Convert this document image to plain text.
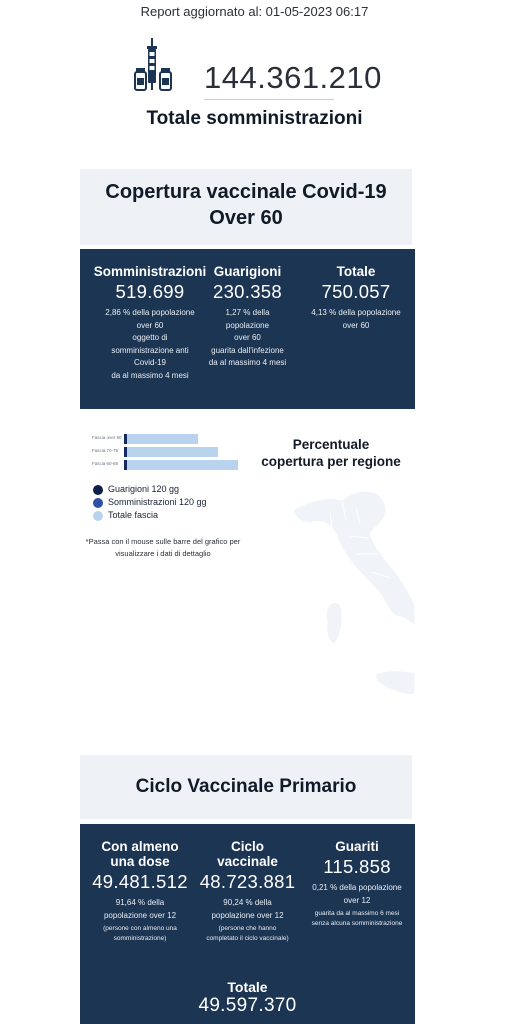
Report aggiornato al: 01-05-2023 06:17
144.361.210
Totale somministrazioni
Copertura vaccinale Covid-19
Over 60
Somministrazioni
519.699
2,86 % della popolazione
over 60
oggetto di
somministrazione anti
Covid-19
da al massimo 4 mesi
Guarigioni
230.358
1,27 % della popolazione
over 60
guarita dall'infezione
da al massimo 4 mesi
Totale
750.057
4,13 % della popolazione
over 60
Fascia over 80
Fascia 70-79
Fascia 60-69
Guarigioni 120 gg
Somministrazioni 120 gg
Totale fascia
*Passa con il mouse sulle barre del grafico per
visualizzare i dati di dettaglio
Percentuale
copertura per regione
Ciclo Vaccinale Primario
Con almeno
una dose
49.481.512
91,64 % della
popolazione over 12
(persone con almeno una
somministrazione)
Ciclo
vaccinale
48.723.881
90,24 % della
popolazione over 12
(persone che hanno
completato il ciclo vaccinale)
Guariti
115.858
0,21 % della popolazione
over 12
guarita da al massimo 6 mesi
senza alcuna somministrazione
Totale
49.597.370
